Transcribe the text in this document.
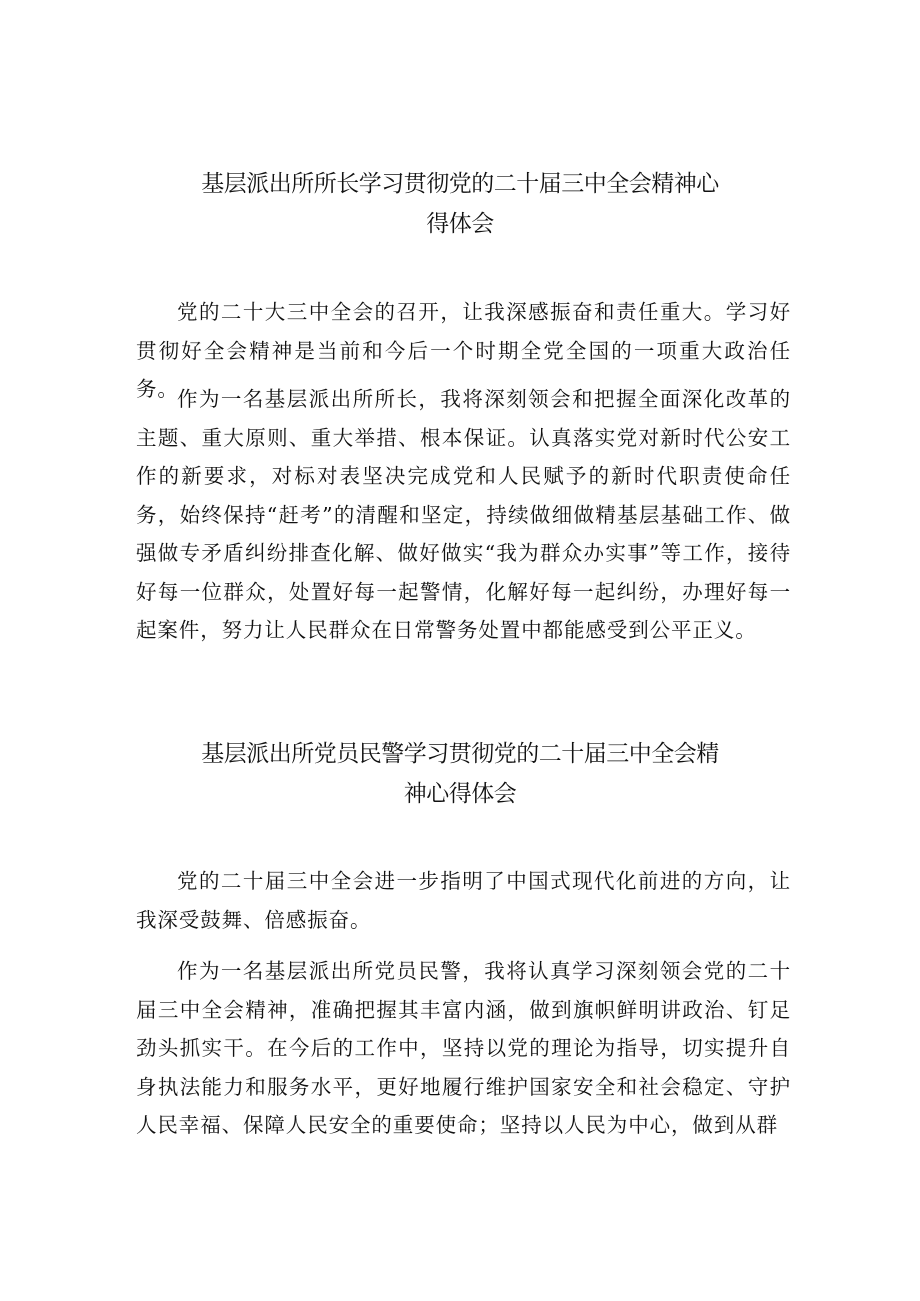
基层派出所所长学习贯彻党的二十届三中全会精神心
得体会

党的二十大三中全会的召开，让我深感振奋和责任重大。学习好贯彻好全会精神是当前和今后一个时期全党全国的一项重大政治任务。

作为一名基层派出所所长，我将深刻领会和把握全面深化改革的主题、重大原则、重大举措、根本保证。认真落实党对新时代公安工作的新要求，对标对表坚决完成党和人民赋予的新时代职责使命任务，始终保持“赶考”的清醒和坚定，持续做细做精基层基础工作、做强做专矛盾纠纷排查化解、做好做实“我为群众办实事”等工作，接待好每一位群众，处置好每一起警情，化解好每一起纠纷，办理好每一起案件，努力让人民群众在日常警务处置中都能感受到公平正义。

基层派出所党员民警学习贯彻党的二十届三中全会精
神心得体会

党的二十届三中全会进一步指明了中国式现代化前进的方向，让我深受鼓舞、倍感振奋。

作为一名基层派出所党员民警，我将认真学习深刻领会党的二十届三中全会精神，准确把握其丰富内涵，做到旗帜鲜明讲政治、钉足劲头抓实干。在今后的工作中，坚持以党的理论为指导，切实提升自身执法能力和服务水平，更好地履行维护国家安全和社会稳定、守护人民幸福、保障人民安全的重要使命；坚持以人民为中心，做到从群
